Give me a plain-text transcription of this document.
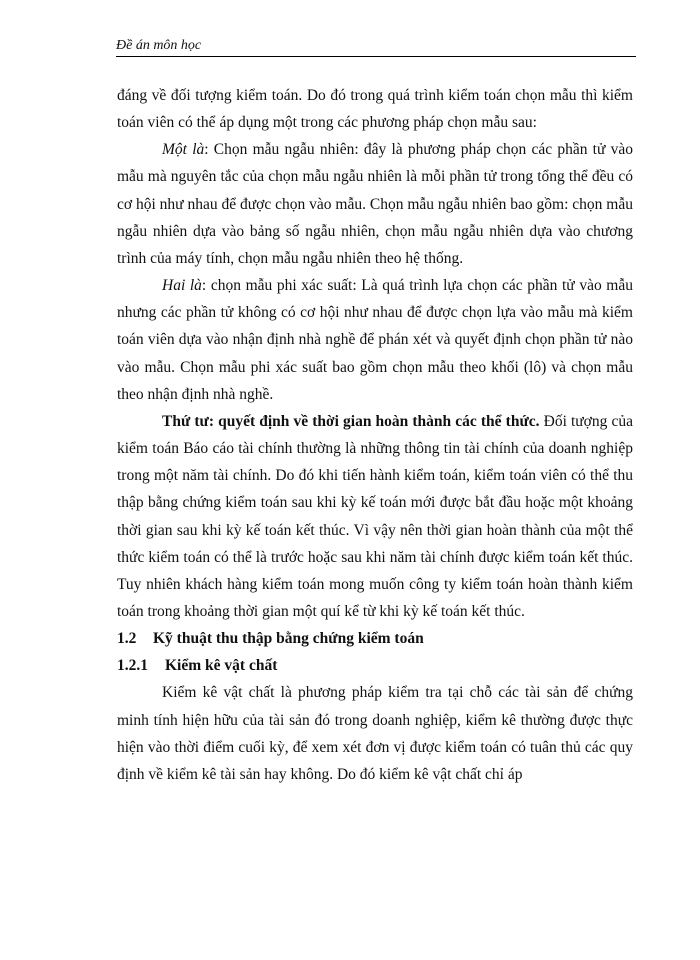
Đề án môn học

đáng về đối tượng kiểm toán. Do đó trong quá trình kiểm toán chọn mẫu thì kiểm toán viên có thể áp dụng một trong các phương pháp chọn mẫu sau:

Một là: Chọn mẫu ngẫu nhiên: đây là phương pháp chọn các phần tử vào mẫu mà nguyên tắc của chọn mẫu ngẫu nhiên là mỗi phần tử trong tổng thể đều có cơ hội như nhau để được chọn vào mẫu. Chọn mẫu ngẫu nhiên bao gồm: chọn mẫu ngẫu nhiên dựa vào bảng số ngẫu nhiên, chọn mẫu ngẫu nhiên dựa vào chương trình của máy tính, chọn mẫu ngẫu nhiên theo hệ thống.

Hai là: chọn mẫu phi xác suất: Là quá trình lựa chọn các phần tử vào mẫu nhưng các phần tử không có cơ hội như nhau để được chọn lựa vào mẫu mà kiểm toán viên dựa vào nhận định nhà nghề để phán xét và quyết định chọn phần tử nào vào mẫu. Chọn mẫu phi xác suất bao gồm chọn mẫu theo khối (lô) và chọn mẫu theo nhận định nhà nghề.

Thứ tư: quyết định về thời gian hoàn thành các thể thức. Đối tượng của kiểm toán Báo cáo tài chính thường là những thông tin tài chính của doanh nghiệp trong một năm tài chính. Do đó khi tiến hành kiểm toán, kiểm toán viên có thể thu thập bằng chứng kiểm toán sau khi kỳ kế toán mới được bắt đầu hoặc một khoảng thời gian sau khi kỳ kế toán kết thúc. Vì vậy nên thời gian hoàn thành của một thể thức kiểm toán có thể là trước hoặc sau khi năm tài chính được kiểm toán kết thúc. Tuy nhiên khách hàng kiểm toán mong muốn công ty kiểm toán hoàn thành kiểm toán trong khoảng thời gian một quí kể từ khi kỳ kế toán kết thúc.

1.2 Kỹ thuật thu thập bằng chứng kiểm toán

1.2.1 Kiểm kê vật chất

Kiểm kê vật chất là phương pháp kiểm tra tại chỗ các tài sản để chứng minh tính hiện hữu của tài sản đó trong doanh nghiệp, kiểm kê thường được thực hiện vào thời điểm cuối kỳ, để xem xét đơn vị được kiểm toán có tuân thủ các quy định về kiểm kê tài sản hay không. Do đó kiểm kê vật chất chỉ áp
